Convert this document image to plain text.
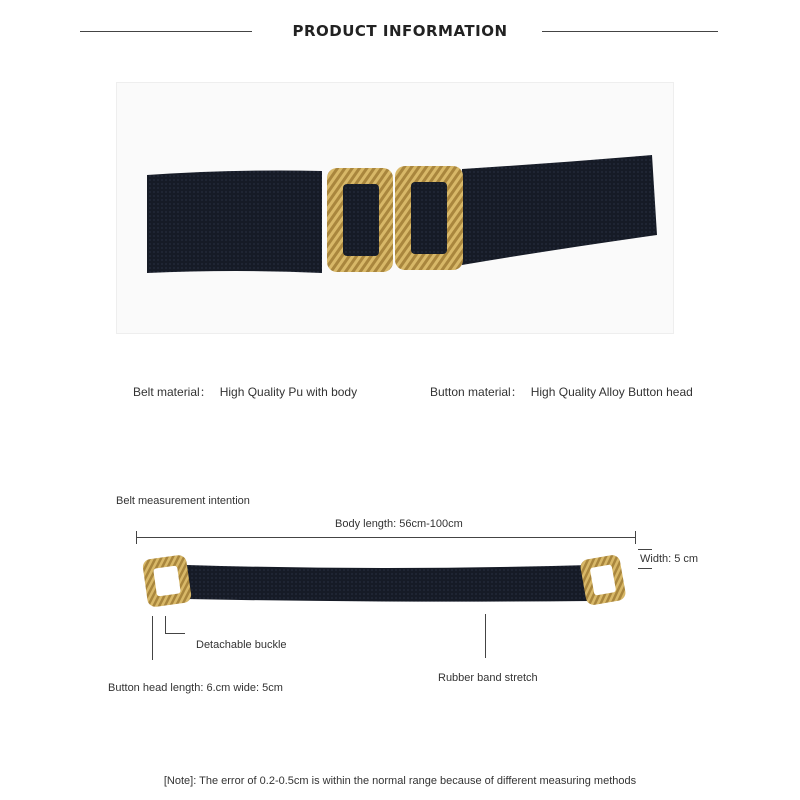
PRODUCT INFORMATION
Belt material： High Quality Pu with body	Button material： High Quality Alloy Button head
Belt measurement intention
Body length: 56cm-100cm
Width: 5 cm
Detachable buckle
Rubber band stretch
Button head length: 6.cm wide: 5cm
[Note]: The error of 0.2-0.5cm is within the normal range because of different measuring methods
